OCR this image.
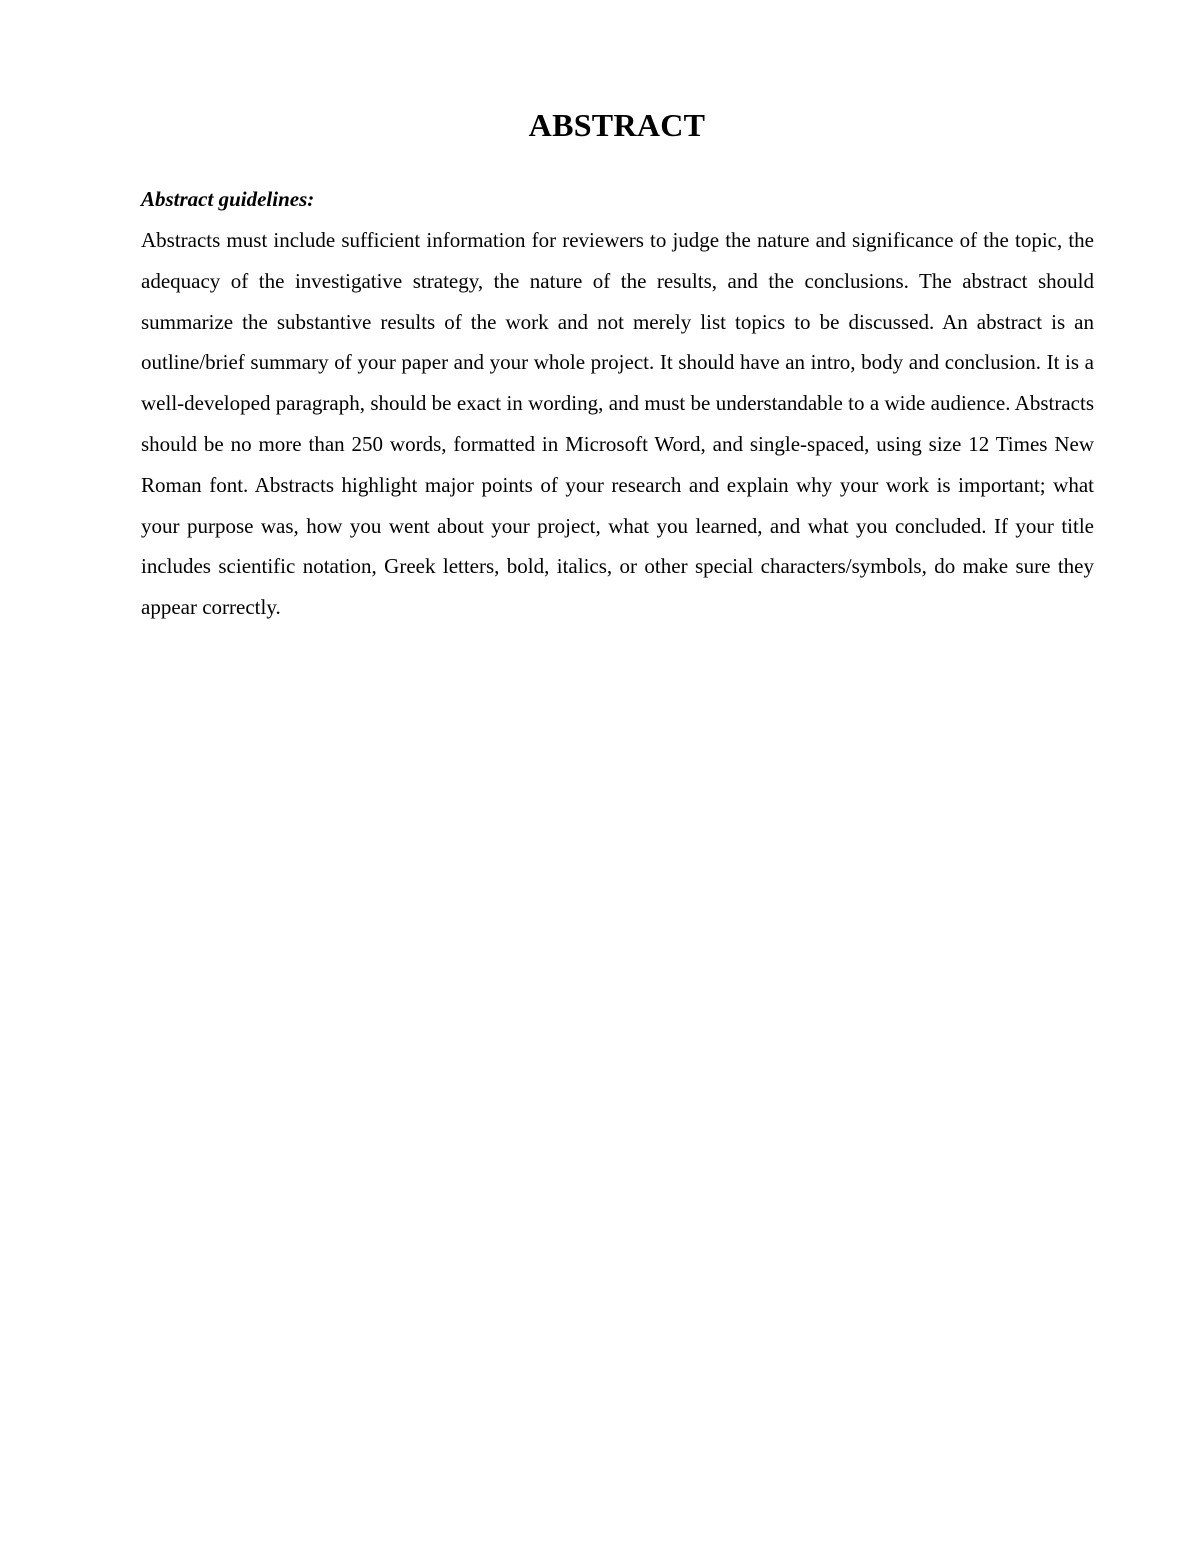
ABSTRACT

Abstract guidelines:

Abstracts must include sufficient information for reviewers to judge the nature and significance of the topic, the adequacy of the investigative strategy, the nature of the results, and the conclusions. The abstract should summarize the substantive results of the work and not merely list topics to be discussed. An abstract is an outline/brief summary of your paper and your whole project. It should have an intro, body and conclusion. It is a well-developed paragraph, should be exact in wording, and must be understandable to a wide audience. Abstracts should be no more than 250 words, formatted in Microsoft Word, and single-spaced, using size 12 Times New Roman font. Abstracts highlight major points of your research and explain why your work is important; what your purpose was, how you went about your project, what you learned, and what you concluded. If your title includes scientific notation, Greek letters, bold, italics, or other special characters/symbols, do make sure they appear correctly.
